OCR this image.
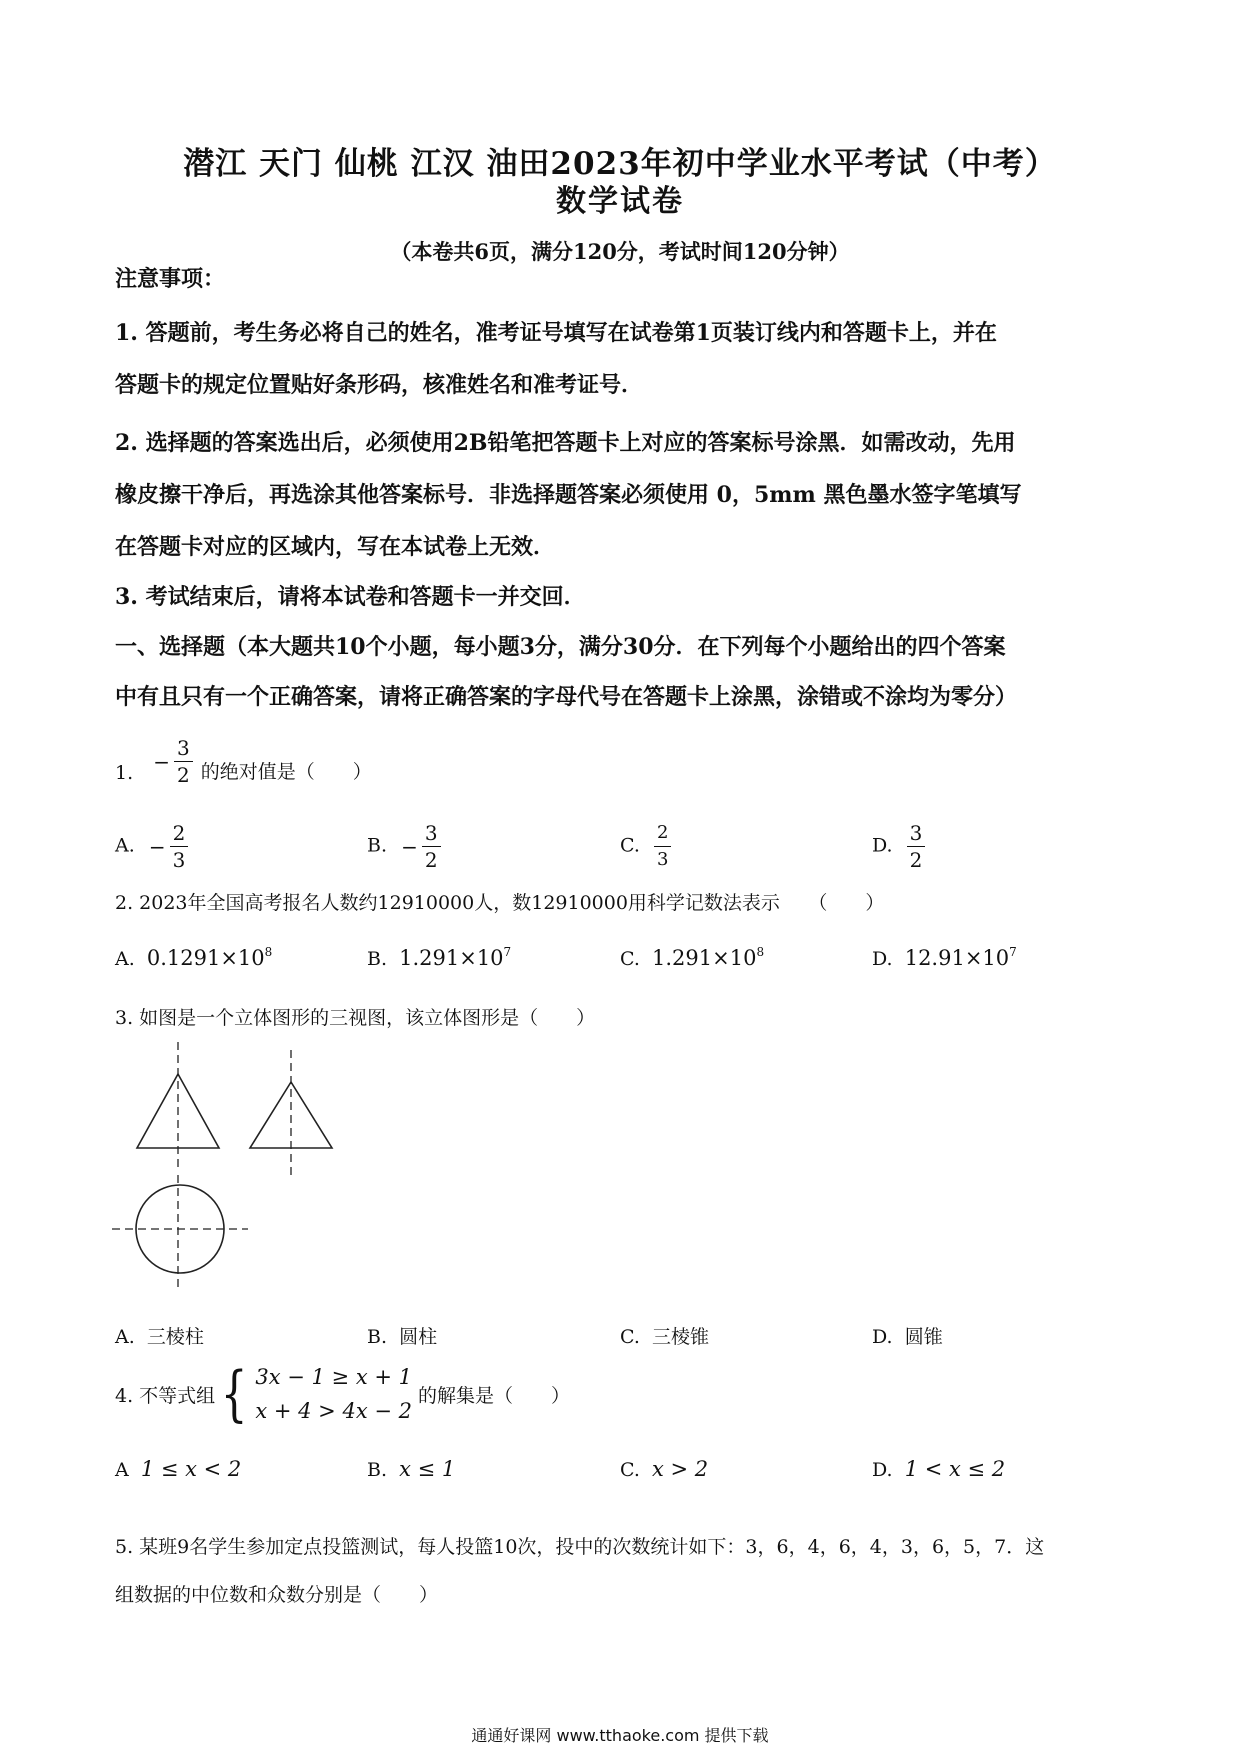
潜江 天门 仙桃 江汉 油田2023年初中学业水平考试（中考）
数学试卷
（本卷共6页，满分120分，考试时间120分钟）
注意事项：
1. 答题前，考生务必将自己的姓名，准考证号填写在试卷第1页装订线内和答题卡上，并在
答题卡的规定位置贴好条形码，核准姓名和准考证号．
2. 选择题的答案选出后，必须使用2B铅笔把答题卡上对应的答案标号涂黑．如需改动，先用
橡皮擦干净后，再选涂其他答案标号．非选择题答案必须使用 0，5mm 黑色墨水签字笔填写
在答题卡对应的区域内，写在本试卷上无效．
3. 考试结束后，请将本试卷和答题卡一并交回．
一、选择题（本大题共10个小题，每小题3分，满分30分．在下列每个小题给出的四个答案
中有且只有一个正确答案，请将正确答案的字母代号在答题卡上涂黑，涂错或不涂均为零分）
1. − $\frac{3}{2}$ 的绝对值是（　　）
A. − $\frac{2}{3}$	B. − $\frac{3}{2}$	C. $\frac{2}{3}$	D. $\frac{3}{2}$
2. 2023年全国高考报名人数约12910000人，数12910000用科学记数法表示　　（　　）
A. $0.1291\times 10^8$	B. $1.291\times 10^7$	C. $1.291\times 10^8$	D. $12.91\times 10^7$
3. 如图是一个立体图形的三视图，该立体图形是（　　）
A. 三棱柱	B. 圆柱	C. 三棱锥	D. 圆锥
4. 不等式组{ 3x − 1 ≥ x + 1
x + 4 > 4x − 2
的解集是（　　）
A 1 ≤ x < 2	B. x ≤ 1	C. x > 2	D. 1 < x ≤ 2
5. 某班9名学生参加定点投篮测试，每人投篮10次，投中的次数统计如下：3，6，4，6，4，3，6，5，7．这
组数据的中位数和众数分别是（　　）
通通好课网 www.tthaoke.com 提供下载
